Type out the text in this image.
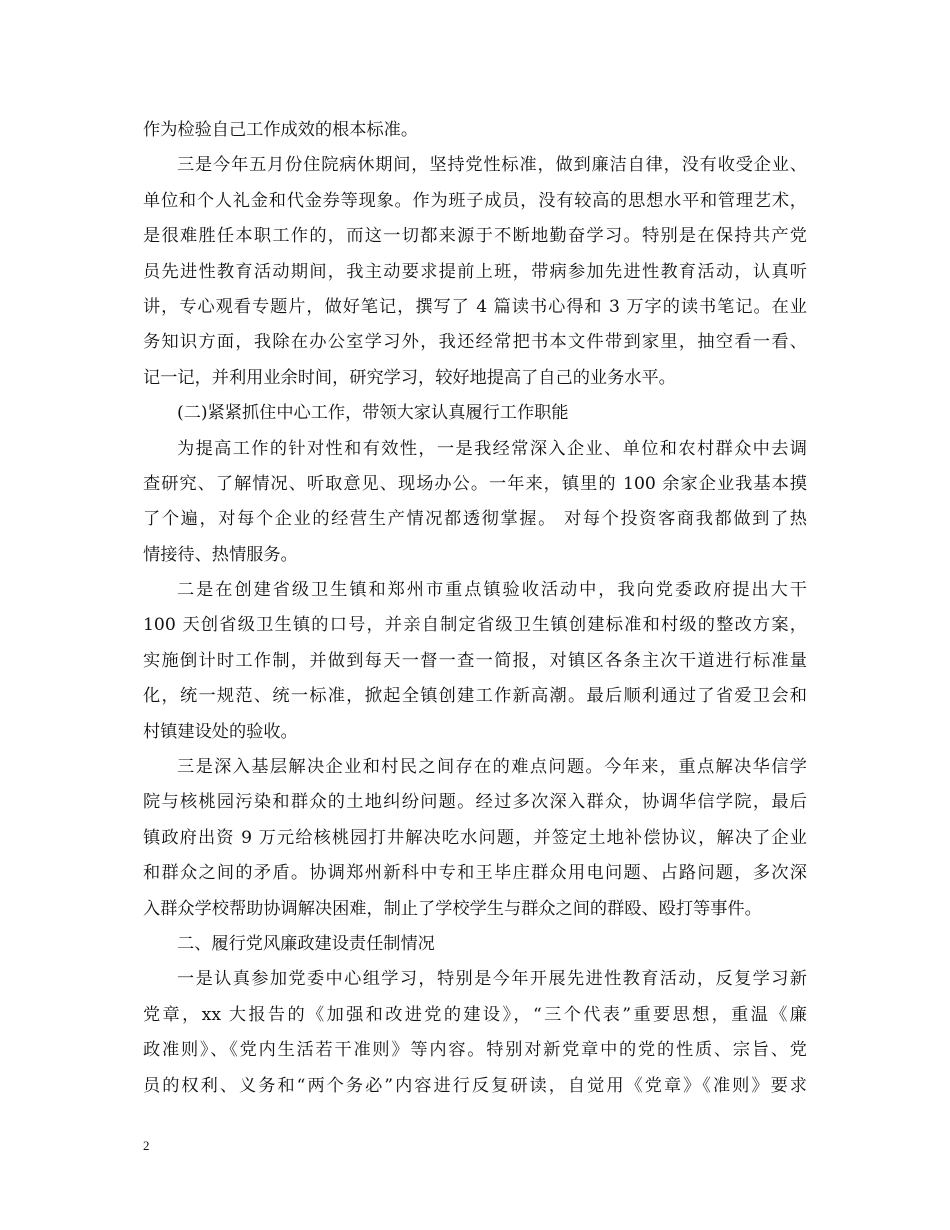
作为检验自己工作成效的根本标准。
三是今年五月份住院病休期间，坚持党性标准，做到廉洁自律，没有收受企业、
单位和个人礼金和代金券等现象。作为班子成员，没有较高的思想水平和管理艺术，
是很难胜任本职工作的，而这一切都来源于不断地勤奋学习。特别是在保持共产党
员先进性教育活动期间，我主动要求提前上班，带病参加先进性教育活动，认真听
讲，专心观看专题片，做好笔记，撰写了 4 篇读书心得和 3 万字的读书笔记。在业
务知识方面，我除在办公室学习外，我还经常把书本文件带到家里，抽空看一看、
记一记，并利用业余时间，研究学习，较好地提高了自己的业务水平。
(二)紧紧抓住中心工作，带领大家认真履行工作职能
为提高工作的针对性和有效性，一是我经常深入企业、单位和农村群众中去调
查研究、了解情况、听取意见、现场办公。一年来，镇里的 100 余家企业我基本摸
了个遍，对每个企业的经营生产情况都透彻掌握。 对每个投资客商我都做到了热
情接待、热情服务。
二是在创建省级卫生镇和郑州市重点镇验收活动中，我向党委政府提出大干
100 天创省级卫生镇的口号，并亲自制定省级卫生镇创建标准和村级的整改方案，
实施倒计时工作制，并做到每天一督一查一简报，对镇区各条主次干道进行标准量
化，统一规范、统一标准，掀起全镇创建工作新高潮。最后顺利通过了省爱卫会和
村镇建设处的验收。
三是深入基层解决企业和村民之间存在的难点问题。今年来，重点解决华信学
院与核桃园污染和群众的土地纠纷问题。经过多次深入群众，协调华信学院，最后
镇政府出资 9 万元给核桃园打井解决吃水问题，并签定土地补偿协议，解决了企业
和群众之间的矛盾。协调郑州新科中专和王毕庄群众用电问题、占路问题，多次深
入群众学校帮助协调解决困难，制止了学校学生与群众之间的群殴、殴打等事件。
二、履行党风廉政建设责任制情况
一是认真参加党委中心组学习，特别是今年开展先进性教育活动，反复学习新
党章，xx 大报告的《加强和改进党的建设》，“三个代表”重要思想，重温《廉
政准则》、《党内生活若干准则》等内容。特别对新党章中的党的性质、宗旨、党
员的权利、义务和“两个务必”内容进行反复研读，自觉用《党章》《准则》要求
2
